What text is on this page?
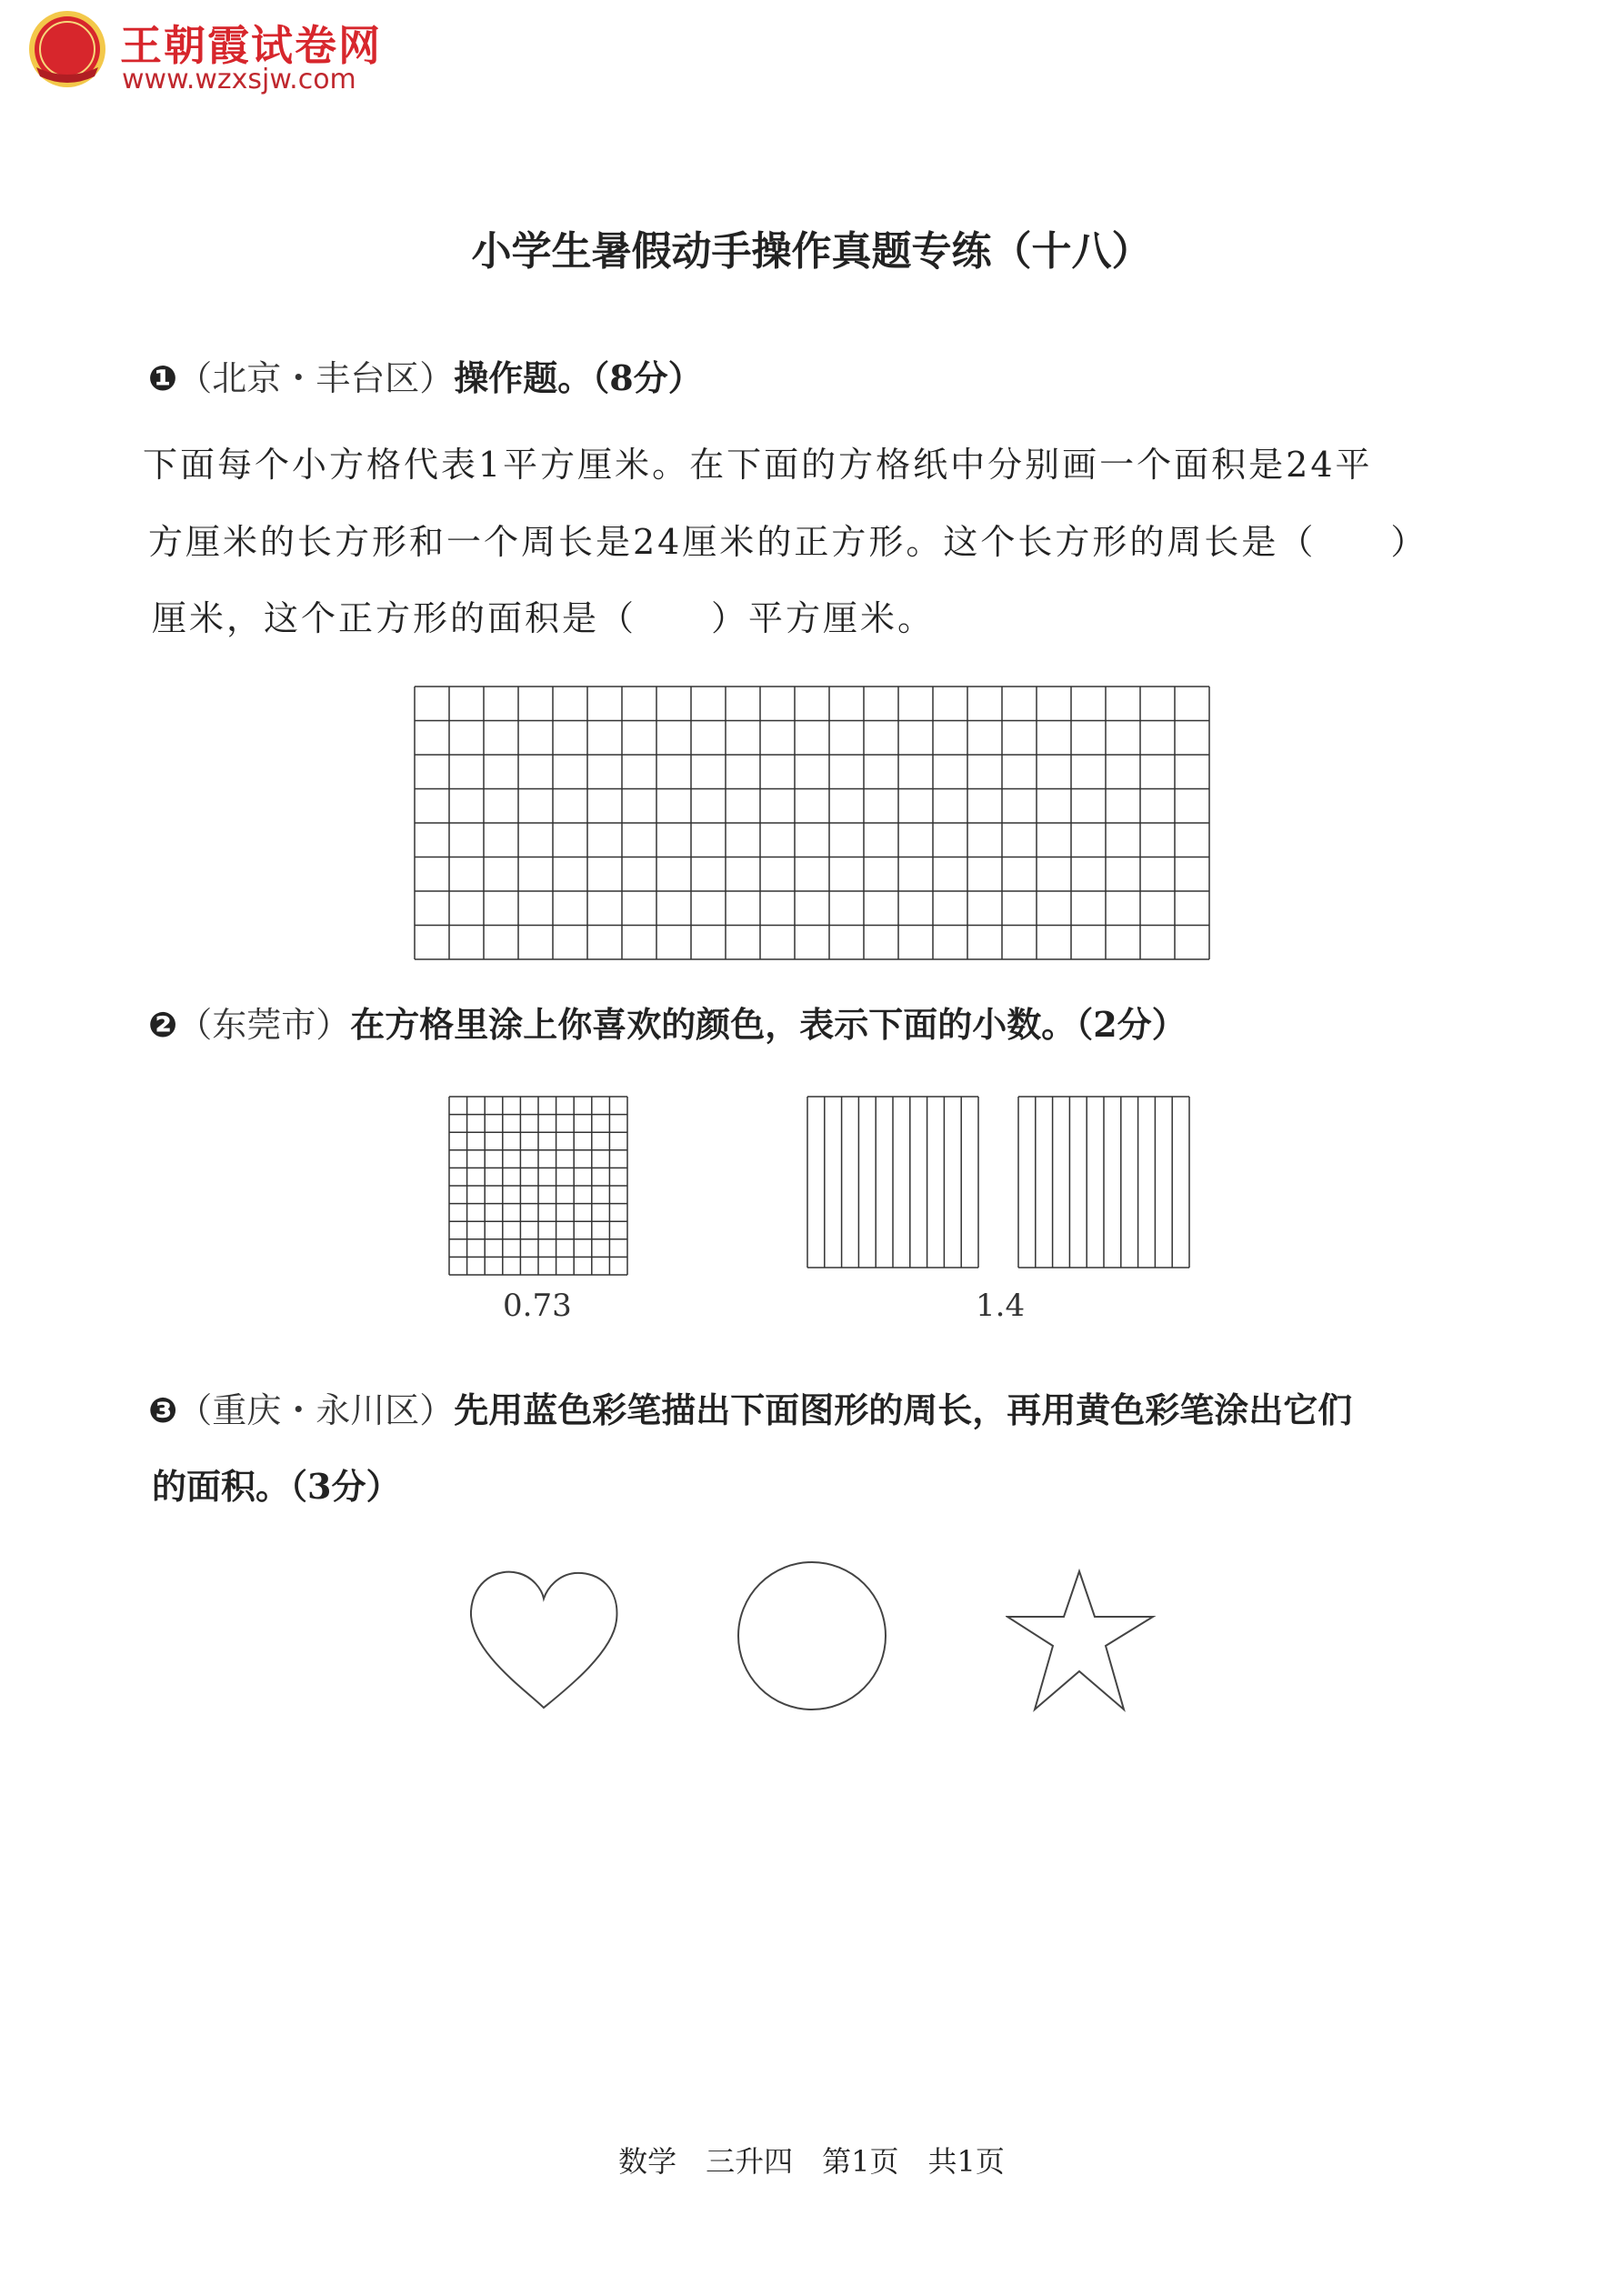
王朝霞试卷网
www.wzxsjw.com
小学生暑假动手操作真题专练（十八）
❶（北京・丰台区）操作题。（8分）
下面每个小方格代表1平方厘米。在下面的方格纸中分别画一个面积是24平
方厘米的长方形和一个周长是24厘米的正方形。这个长方形的周长是（　　）
厘米，这个正方形的面积是（　　）平方厘米。
❷（东莞市）在方格里涂上你喜欢的颜色，表示下面的小数。（2分）
0.73	1.4
❸（重庆・永川区）先用蓝色彩笔描出下面图形的周长，再用黄色彩笔涂出它们
的面积。（3分）
数学　三升四　第1页　共1页
